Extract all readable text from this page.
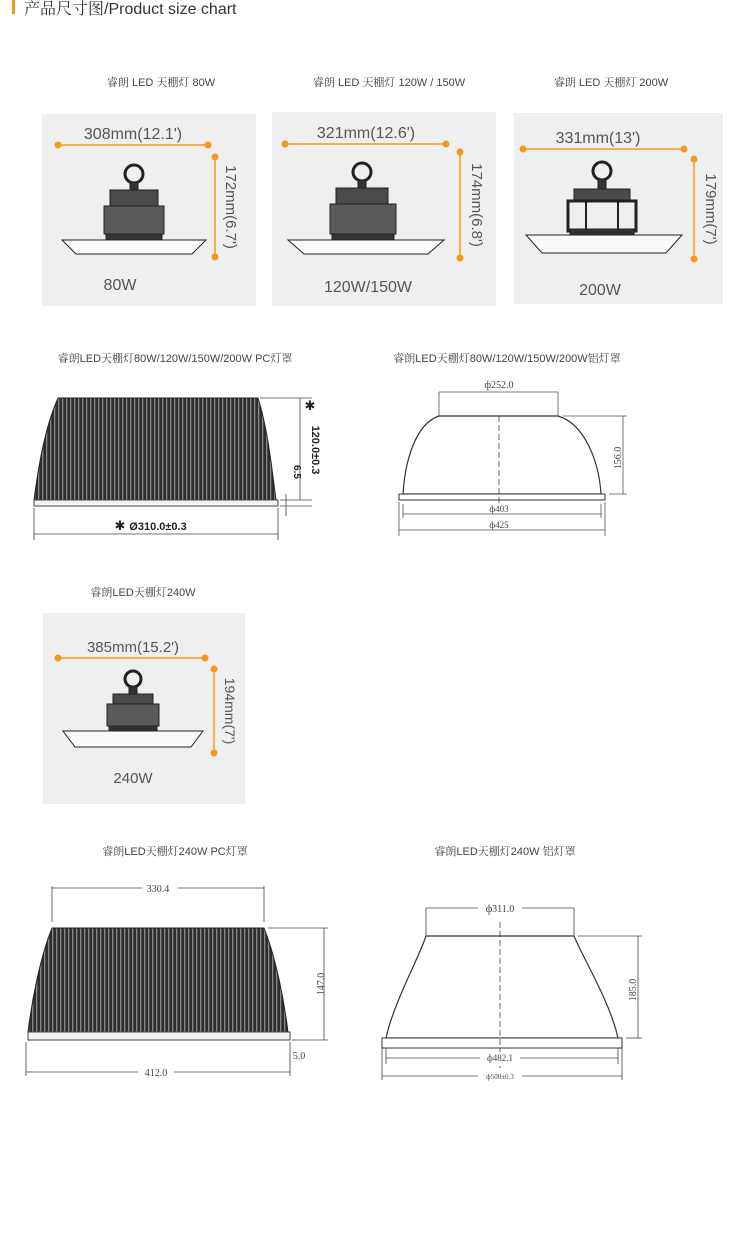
产品尺寸图/Product size chart
睿朗 LED 天棚灯 80W	睿朗 LED 天棚灯 120W / 150W	睿朗 LED 天棚灯 200W
308mm(12.1')
172mm(6.7')
80W
321mm(12.6')
174mm(6.8')
120W/150W
331mm(13')
179mm(7')
200W
睿朗LED天棚灯80W/120W/150W/200W PC灯罩	睿朗LED天棚灯80W/120W/150W/200W铝灯罩
120.0±0.3
✱
6.5
✱ Ø310.0±0.3
ф252.0
156.0
ф403
ф425
睿朗LED天棚灯240W
385mm(15.2')
194mm(7')
240W
睿朗LED天棚灯240W PC灯罩	睿朗LED天棚灯240W 铝灯罩
330.4
147.0
5.0
412.0
ф311.0
185.0
ф482.1
ф500±0.3
